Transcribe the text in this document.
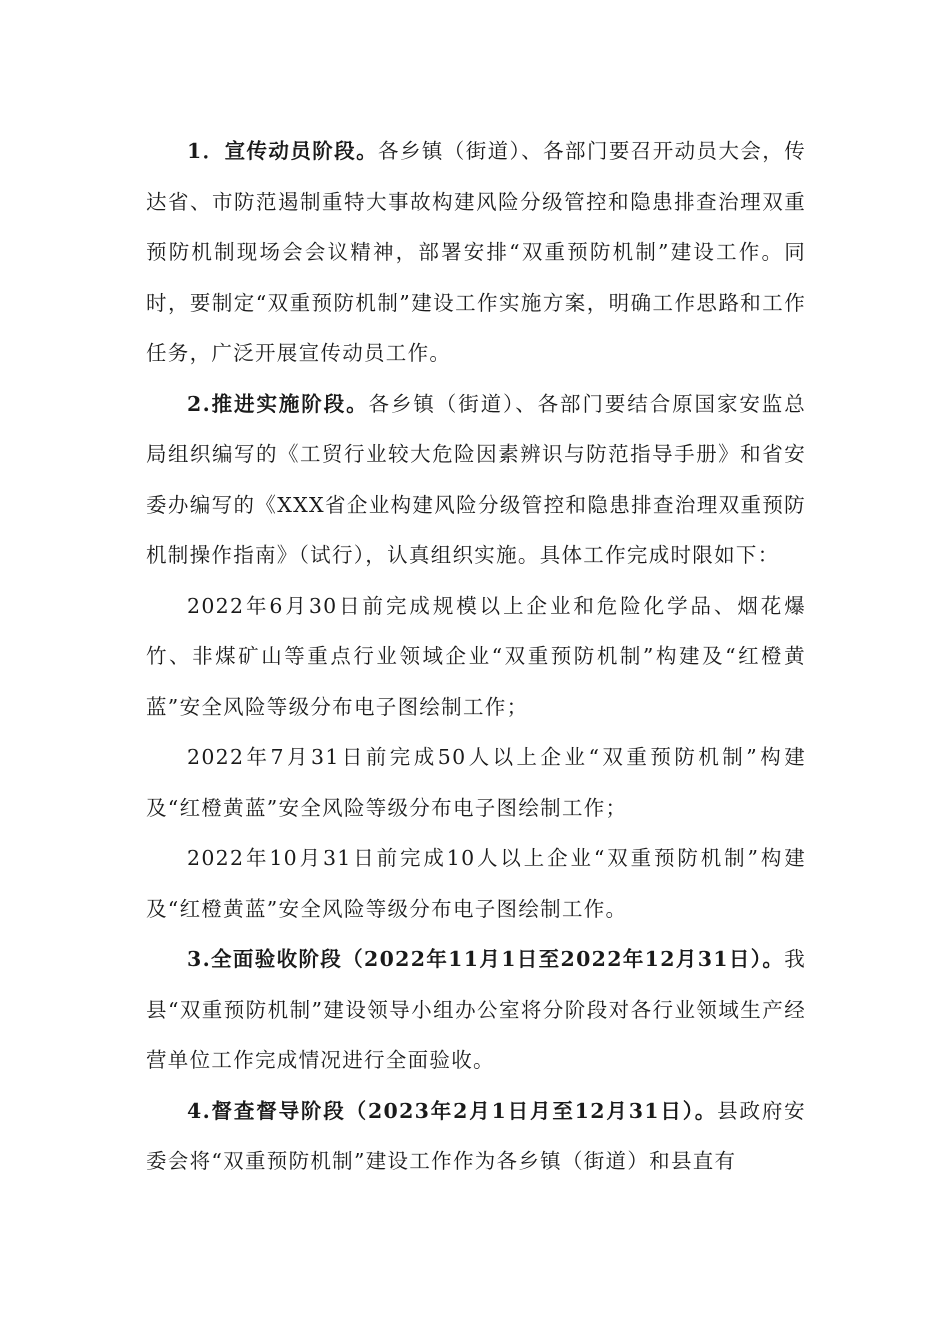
1．宣传动员阶段。各乡镇（街道）、各部门要召开动员大会，传达省、市防范遏制重特大事故构建风险分级管控和隐患排查治理双重预防机制现场会会议精神，部署安排“双重预防机制”建设工作。同时，要制定“双重预防机制”建设工作实施方案，明确工作思路和工作任务，广泛开展宣传动员工作。

2.推进实施阶段。各乡镇（街道）、各部门要结合原国家安监总局组织编写的《工贸行业较大危险因素辨识与防范指导手册》和省安委办编写的《XXX省企业构建风险分级管控和隐患排查治理双重预防机制操作指南》（试行），认真组织实施。具体工作完成时限如下：

2022年6月30日前完成规模以上企业和危险化学品、烟花爆竹、非煤矿山等重点行业领域企业“双重预防机制”构建及“红橙黄蓝”安全风险等级分布电子图绘制工作；

2022年7月31日前完成50人以上企业“双重预防机制”构建及“红橙黄蓝”安全风险等级分布电子图绘制工作；

2022年10月31日前完成10人以上企业“双重预防机制”构建及“红橙黄蓝”安全风险等级分布电子图绘制工作。

3.全面验收阶段（2022年11月1日至2022年12月31日）。我县“双重预防机制”建设领导小组办公室将分阶段对各行业领域生产经营单位工作完成情况进行全面验收。

4.督查督导阶段（2023年2月1日月至12月31日）。县政府安委会将“双重预防机制”建设工作作为各乡镇（街道）和县直有
